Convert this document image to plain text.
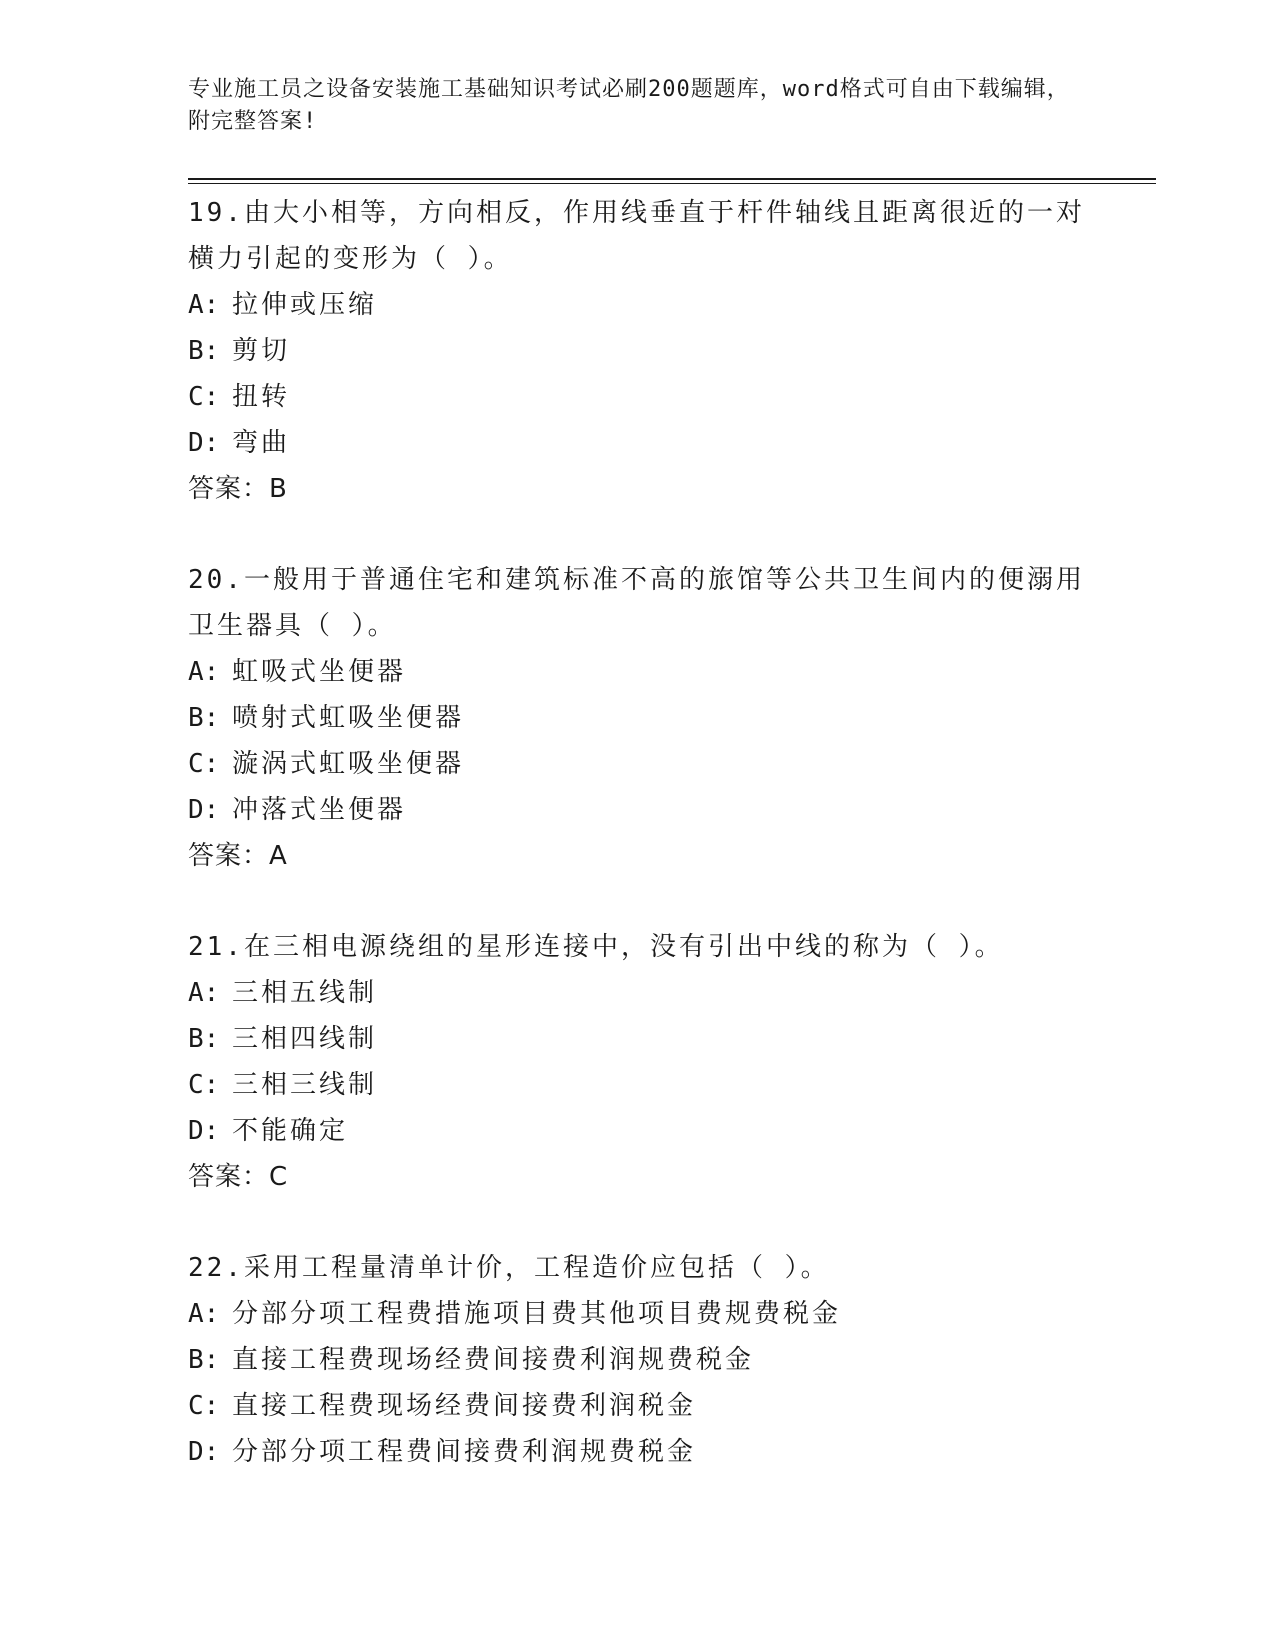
专业施工员之设备安装施工基础知识考试必刷200题题库，word格式可自由下载编辑，附完整答案!

19.由大小相等，方向相反，作用线垂直于杆件轴线且距离很近的一对横力引起的变形为（ ）。

A: 拉伸或压缩

B: 剪切

C: 扭转

D: 弯曲

答案：B

20.一般用于普通住宅和建筑标准不高的旅馆等公共卫生间内的便溺用卫生器具（ ）。

A: 虹吸式坐便器

B: 喷射式虹吸坐便器

C: 漩涡式虹吸坐便器

D: 冲落式坐便器

答案：A

21.在三相电源绕组的星形连接中，没有引出中线的称为（ ）。

A: 三相五线制

B: 三相四线制

C: 三相三线制

D: 不能确定

答案：C

22.采用工程量清单计价，工程造价应包括（ ）。

A: 分部分项工程费措施项目费其他项目费规费税金

B: 直接工程费现场经费间接费利润规费税金

C: 直接工程费现场经费间接费利润税金

D: 分部分项工程费间接费利润规费税金
